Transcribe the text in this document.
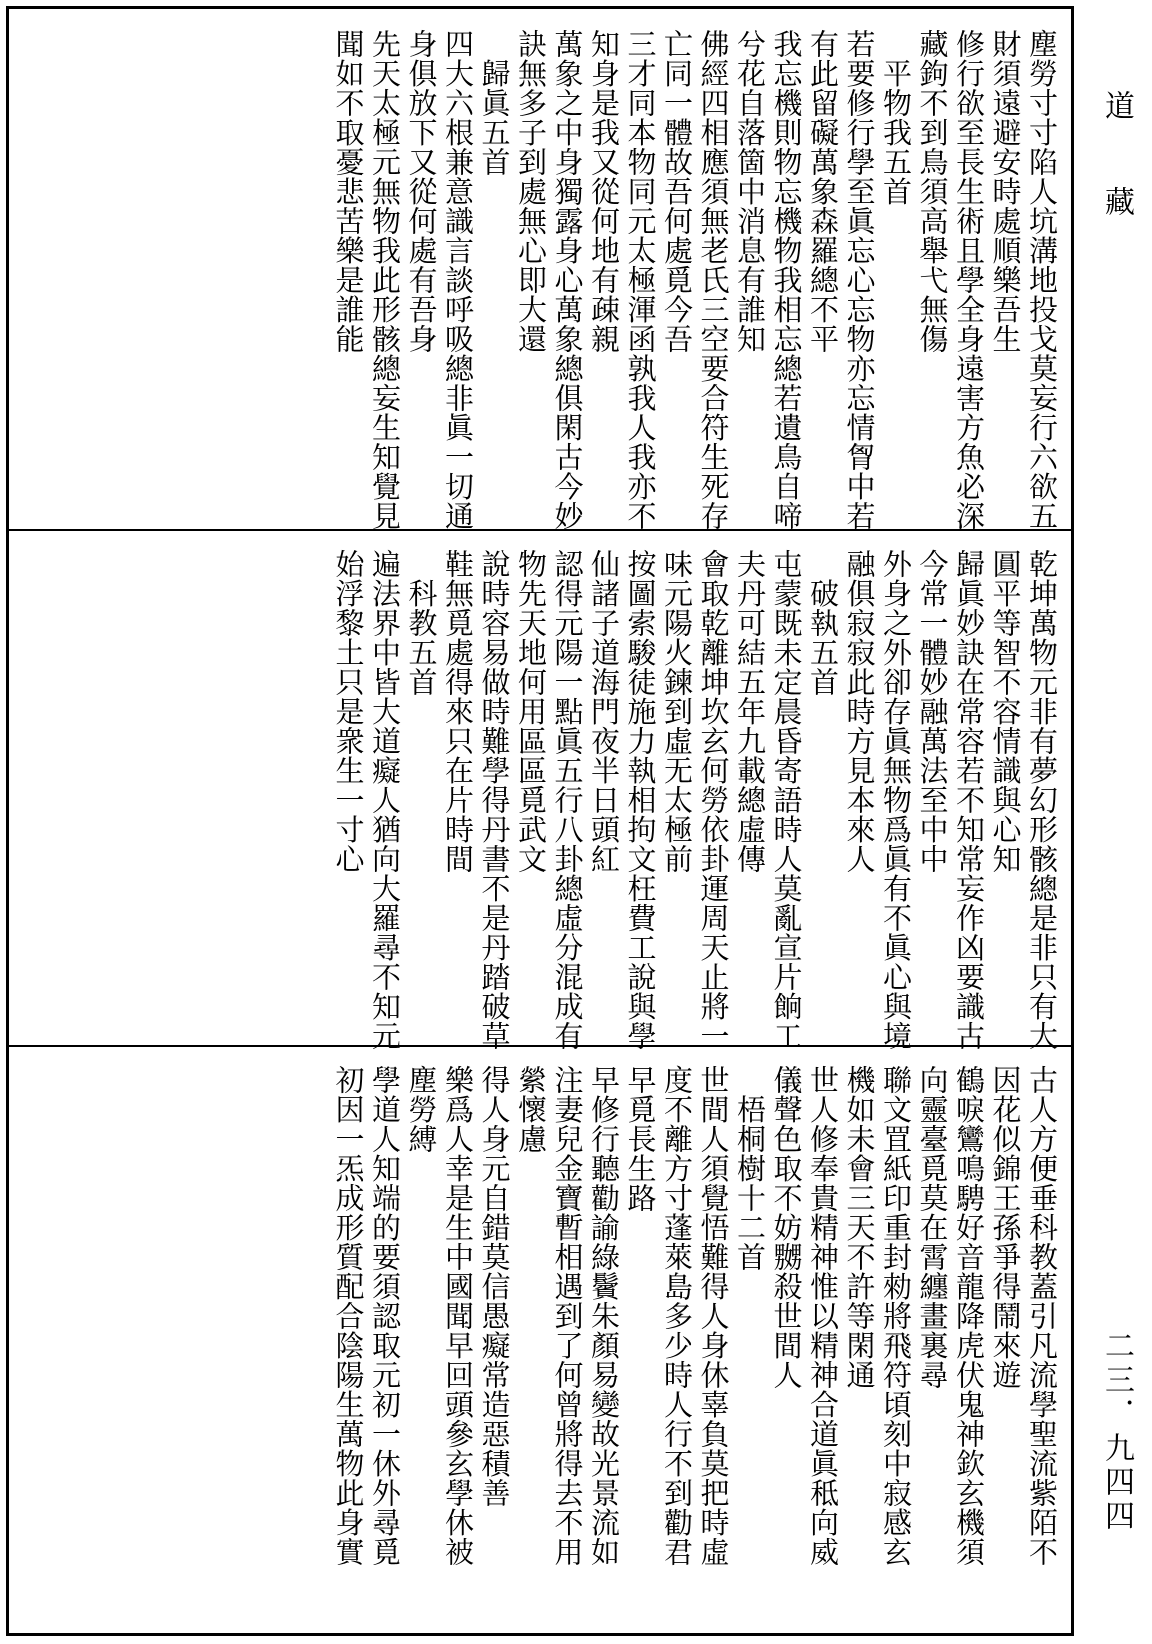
塵勞寸寸陷人坑溝地投戈莫妄行六欲五
財須遠避安時處順樂吾生
修行欲至長生術且學全身遠害方魚必深
藏鉤不到鳥須高舉弋無傷
　平物我五首
若要修行學至眞忘心忘物亦忘情胷中若
有此留礙萬象森羅總不平
我忘機則物忘機物我相忘總若遺鳥自啼
兮花自落箇中消息有誰知
佛經四相應須無老氏三空要合符生死存
亡同一體故吾何處覓今吾
三才同本物同元太極渾函孰我人我亦不
知身是我又從何地有疎親
萬象之中身獨露身心萬象總俱閑古今妙
訣無多子到處無心即大還
　歸眞五首
四大六根兼意識言談呼吸總非眞一切通
身俱放下又從何處有吾身
先天太極元無物我此形骸總妄生知覺見
聞如不取憂悲苦樂是誰能
乾坤萬物元非有夢幻形骸總是非只有大
圓平等智不容情識與心知
歸眞妙訣在常容若不知常妄作凶要識古
今常一體妙融萬法至中中
外身之外卻存眞無物爲眞有不眞心與境
融俱寂寂此時方見本來人
　破執五首
屯蒙既未定晨昏寄語時人莫亂宣片餉工
夫丹可結五年九載總虛傳
會取乾離坤坎玄何勞依卦運周天止將一
味元陽火鍊到虛无太極前
按圖索駿徒施力執相拘文枉費工說與學
仙諸子道海門夜半日頭紅
認得元陽一點眞五行八卦總虛分混成有
物先天地何用區區覓武文
說時容易做時難學得丹書不是丹踏破草
鞋無覓處得來只在片時間
　科教五首
遍法界中皆大道癡人猶向大羅尋不知元
始浮黎土只是衆生一寸心
古人方便垂科教蓋引凡流學聖流紫陌不
因花似錦王孫爭得鬧來遊
鶴唳鸞鳴騁好音龍降虎伏鬼神欽玄機須
向靈臺覓莫在霄纏畫裏尋
聯文罝紙印重封勑將飛符頃刻中寂感玄
機如未會三天不許等閑通
世人修奉貴精神惟以精神合道眞秪向威
儀聲色取不妨嬲殺世間人
　梧桐樹十二首
世間人須覺悟難得人身休辜負莫把時虛
度不離方寸蓬萊島多少時人行不到勸君
早覓長生路
早修行聽勸諭綠鬢朱顏易變故光景流如
注妻兒金寶暫相遇到了何曾將得去不用
縈懷慮
得人身元自錯莫信愚癡常造惡積善
樂爲人幸是生中國聞早回頭參玄學休被
塵勞縛
學道人知端的要須認取元初一休外尋覓
初因一炁成形質配合陰陽生萬物此身實
道　藏
二三．九四四
